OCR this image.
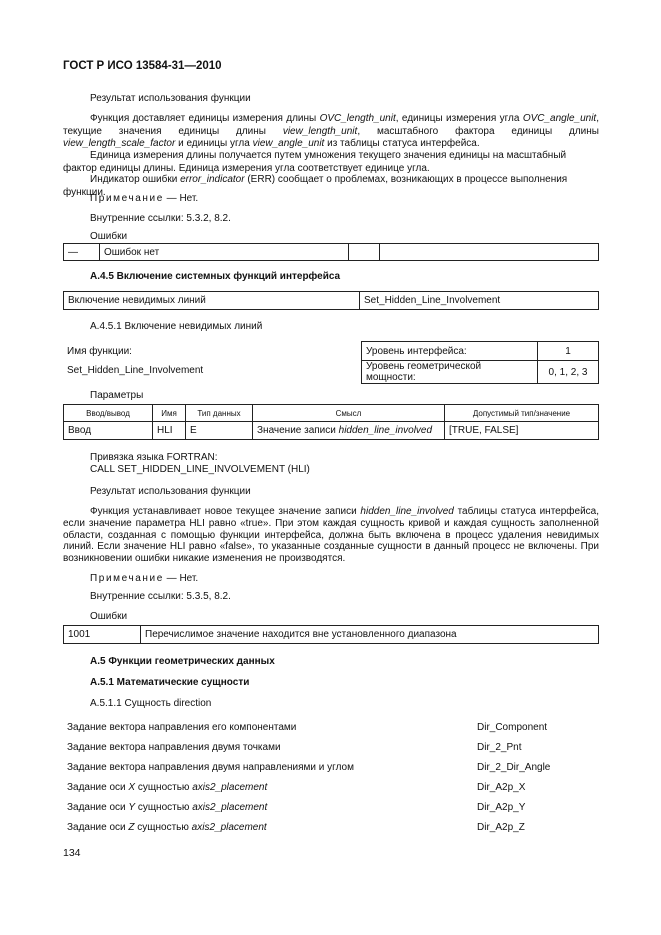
ГОСТ Р ИСО 13584-31—2010
Результат использования функции
Функция доставляет единицы измерения длины OVC_length_unit, единицы измерения угла OVC_angle_unit, текущие значения единицы длины view_length_unit, масштабного фактора единицы длины view_length_scale_factor и единицы угла view_angle_unit из таблицы статуса интерфейса.
Единица измерения длины получается путем умножения текущего значения единицы на масштабный фактор единицы длины. Единица измерения угла соответствует единице угла.
Индикатор ошибки error_indicator (ERR) сообщает о проблемах, возникающих в процессе выполнения функции.
Примечание — Нет.
Внутренние ссылки: 5.3.2, 8.2.
Ошибки
—	Ошибок нет		
А.4.5 Включение системных функций интерфейса
Включение невидимых линий	Set_Hidden_Line_Involvement
А.4.5.1 Включение невидимых линий
Имя функции:
Set_Hidden_Line_Involvement
Уровень интерфейса:	1
Уровень геометрической мощности:	0, 1, 2, 3
Параметры
Ввод/вывод	Имя	Тип данных	Смысл	Допустимый тип/значение
Ввод	HLI	E	Значение записи hidden_line_involved	[TRUE, FALSE]
Привязка языка FORTRAN:
CALL SET_HIDDEN_LINE_INVOLVEMENT (HLI)
Результат использования функции
Функция устанавливает новое текущее значение записи hidden_line_involved таблицы статуса интерфейса, если значение параметра HLI равно «true». При этом каждая сущность кривой и каждая сущность заполненной области, созданная с помощью функции интерфейса, должна быть включена в процесс удаления невидимых линий. Если значение HLI равно «false», то указанные созданные сущности в данный процесс не включены. При возникновении ошибки никакие изменения не производятся.
Примечание — Нет.
Внутренние ссылки: 5.3.5, 8.2.
Ошибки
1001	Перечислимое значение находится вне установленного диапазона
А.5 Функции геометрических данных
А.5.1 Математические сущности
А.5.1.1 Сущность direction
Задание вектора направления его компонентами	Dir_Component
Задание вектора направления двумя точками	Dir_2_Pnt
Задание вектора направления двумя направлениями и углом	Dir_2_Dir_Angle
Задание оси X сущностью axis2_placement	Dir_A2p_X
Задание оси Y сущностью axis2_placement	Dir_A2p_Y
Задание оси Z сущностью axis2_placement	Dir_A2p_Z
134
